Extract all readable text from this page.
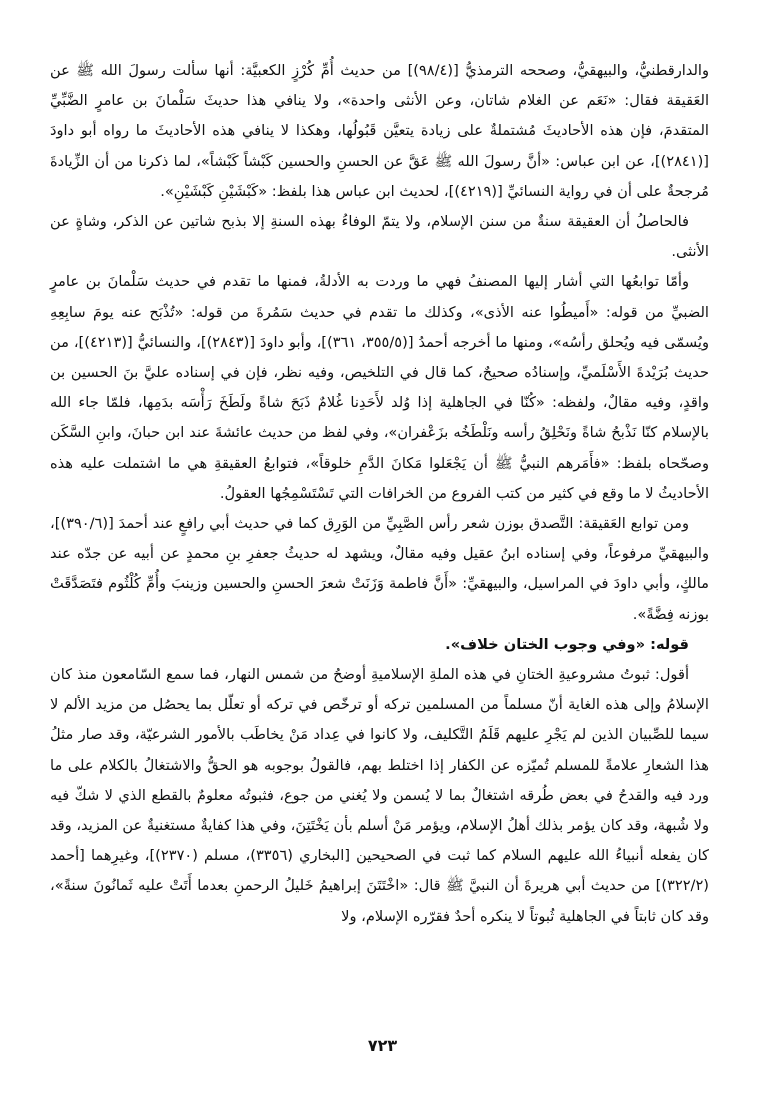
والدارقطنيُّ، والبيهقيُّ، وصححه الترمذيُّ [(٩٨/٤)] من حديث أُمِّ كُرْزٍ الكعبيَّة: أنها سألت رسولَ الله ﷺ عن العَقيقة فقال: «نَعَم عن الغلام شاتان، وعن الأنثى واحدة»، ولا ينافي هذا حديثَ سَلْمانَ بن عامرٍ الضَّبِّيِّ المتقدمَ، فإن هذه الأحاديثَ مُشتملةٌ على زيادة يتعيَّن قَبُولُها، وهكذا لا ينافي هذه الأحاديثَ ما رواه أبو داودَ [(٢٨٤١)]، عن ابن عباس: «أنَّ رسولَ الله ﷺ عَقَّ عن الحسنِ والحسين كَبْشاً كَبْشاً»، لما ذكرنا من أن الزِّيادةَ مُرجحةٌ على أن في رواية النسائيِّ [(٤٢١٩)]، لحديث ابن عباس هذا بلفظ: «كَبْشَيْنِ كَبْشَيْنِ».

فالحاصلُ أن العقيقة سنةٌ من سنن الإسلام، ولا يتمّ الوفاءُ بهذه السنةِ إلا بذبح شاتين عن الذكر، وشاةٍ عن الأنثى.

وأمّا توابعُها التي أشار إليها المصنفُ فهي ما وردت به الأدلةُ، فمنها ما تقدم في حديث سَلْمانَ بن عامرٍ الضبيِّ من قوله: «أَميطُوا عنه الأذى»، وكذلك ما تقدم في حديث سَمُرةَ من قوله: «تُذْبَح عنه يومَ سابِعِهِ ويُسمّى فيه ويُحلق رأسُه»، ومنها ما أخرجه أحمدُ [(٣٥٥/٥، ٣٦١)]، وأبو داودَ [(٢٨٤٣)]، والنسائيُّ [(٤٢١٣)]، من حديث بُرَيْدةَ الأَسْلَميِّ، وإسنادُه صحيحٌ، كما قال في التلخيص، وفيه نظر، فإن في إسناده عليَّ بنَ الحسين بن واقدٍ، وفيه مقالٌ، ولفظه: «كُنّا في الجاهلية إذا وُلد لأَحَدِنا غُلامٌ ذَبَحَ شاةً ولَطَخَ رَأْسَه بدَمِها، فلمّا جاء الله بالإسلام كنّا نَذْبحُ شاةً ونَحْلِقُ رأسه ونَلْطَخُه بزَعْفران»، وفي لفظ من حديث عائشةَ عند ابن حبانَ، وابنِ السَّكَن وصحّحاه بلفظ: «فأَمَرهم النبيُّ ﷺ أن يَجْعَلوا مَكانَ الدَّمِ خلوقاً»، فتوابعُ العقيقةِ هي ما اشتملت عليه هذه الأحاديثُ لا ما وقع في كثير من كتب الفروع من الخرافات التي تَسْتَسْمِجُها العقولُ.

ومن توابع العَقيقة: التَّصدق بوزن شعر رأس الصَّبِيِّ من الوَرِق كما في حديث أبي رافعٍ عند أحمدَ [(٣٩٠/٦)]، والبيهقيِّ مرفوعاً، وفي إسناده ابنُ عقيل وفيه مقالٌ، ويشهد له حديثُ جعفرِ بنِ محمدٍ عن أبيه عن جدّه عند مالكٍ، وأبي داودَ في المراسيل، والبيهقيِّ: «أَنَّ فاطمة وَزَنَتْ شعرَ الحسنِ والحسين وزينبَ وأُمِّ كُلْثُوم فتَصَدَّقَتْ بوزنه فِضَّةً».

قوله: «وفي وجوب الختان خلاف».

أقول: ثبوتُ مشروعيةِ الختانِ في هذه الملةِ الإسلاميةِ أوضحُ من شمس النهار، فما سمع السّامعون منذ كان الإسلامُ وإلى هذه الغاية أنّ مسلماً من المسلمين تركه أو ترخّص في تركه أو تعلّل بما يحصُل من مزيد الألم لا سيما للصِّبيان الذين لم يَجْرِ عليهم قَلَمُ التَّكليف، ولا كانوا في عِداد مَنْ يخاطَب بالأمور الشرعيّة، وقد صار مثلُ هذا الشعارِ علامةً للمسلم تُميّزه عن الكفار إذا اختلط بهم، فالقولُ بوجوبه هو الحقُّ والاشتغالُ بالكلام على ما ورد فيه والقدحُ في بعض طُرقه اشتغالٌ بما لا يُسمن ولا يُغني من جوع، فثبوتُه معلومٌ بالقطع الذي لا شكّ فيه ولا شُبهة، وقد كان يؤمر بذلك أهلُ الإسلام، ويؤمر مَنْ أسلم بأن يَخْتَتِنَ، وفي هذا كفايةٌ مستغنيةٌ عن المزيد، وقد كان يفعله أنبياءُ الله عليهم السلام كما ثبت في الصحيحين [البخاري (٣٣٥٦)، مسلم (٢٣٧٠)]، وغيرِهما [أحمد (٣٢٢/٢)] من حديث أبي هريرةَ أن النبيَّ ﷺ قال: «اخْتَتَنَ إبراهيمُ خَليلُ الرحمنِ بعدما أَتَتْ عليه ثَمانُونَ سنةً»، وقد كان ثابتاً في الجاهلية ثُبوتاً لا ينكره أحدٌ فقرّره الإسلام، ولا

٧٢٣
